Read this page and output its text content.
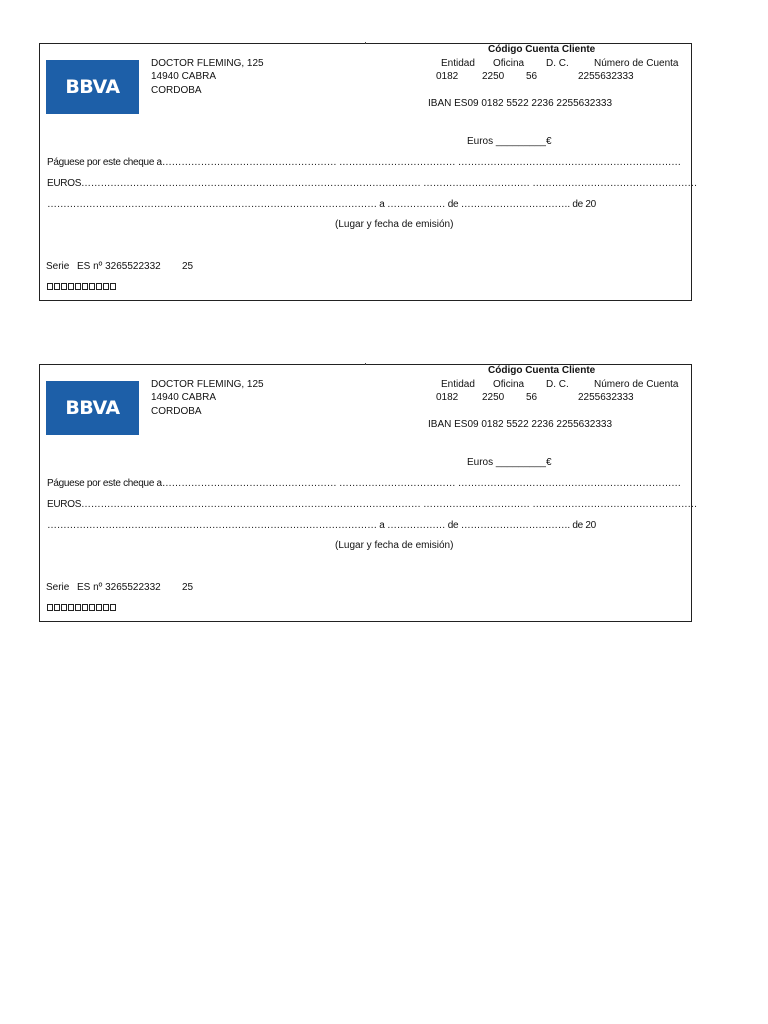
BBVA
DOCTOR FLEMING, 125
14940 CABRA
CORDOBA
Código Cuenta Cliente
Entidad Oficina D. C.	Número de Cuenta
0182 2250 56	2255632333
IBAN ES09 0182 5522 2236 2255632333
Euros _________€
Páguese por este cheque a……………………………………………… ……………………………… ……………………………………………………………
EUROS…………………………………………………………………………………………… …………………………… ……………………………………………
………………………………………………………………………………………… a ……………… de ……………………………. de 20
(Lugar y fecha de emisión)
Serie ES nº 3265522332 25
BBVA
DOCTOR FLEMING, 125
14940 CABRA
CORDOBA
Código Cuenta Cliente
Entidad Oficina D. C.	Número de Cuenta
0182 2250 56	2255632333
IBAN ES09 0182 5522 2236 2255632333
Euros _________€
Páguese por este cheque a……………………………………………… ……………………………… ……………………………………………………………
EUROS…………………………………………………………………………………………… …………………………… ……………………………………………
………………………………………………………………………………………… a ……………… de ……………………………. de 20
(Lugar y fecha de emisión)
Serie ES nº 3265522332 25
